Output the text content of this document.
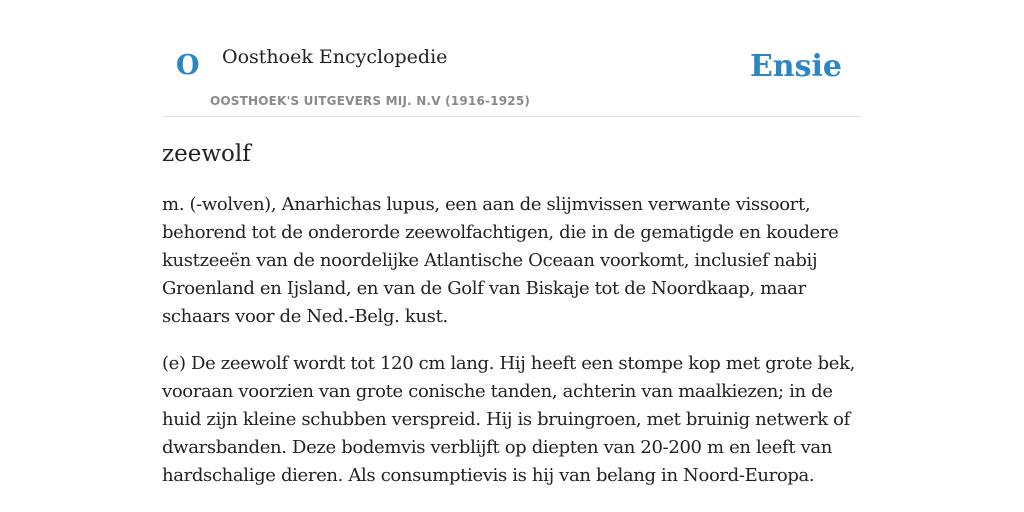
O Oosthoek Encyclopedie
OOSTHOEK'S UITGEVERS MIJ. N.V (1916-1925)
Ensie
zeewolf

m. (-wolven), Anarhichas lupus, een aan de slijmvissen verwante vissoort, behorend tot de onderorde zeewolfachtigen, die in de gematigde en koudere kustzeeën van de noordelijke Atlantische Oceaan voorkomt, inclusief nabij Groenland en Ijsland, en van de Golf van Biskaje tot de Noordkaap, maar schaars voor de Ned.-Belg. kust.

(e) De zeewolf wordt tot 120 cm lang. Hij heeft een stompe kop met grote bek, vooraan voorzien van grote conische tanden, achterin van maalkiezen; in de huid zijn kleine schubben verspreid. Hij is bruingroen, met bruinig netwerk of dwarsbanden. Deze bodemvis verblijft op diepten van 20-200 m en leeft van hardschalige dieren. Als consumptievis is hij van belang in Noord-Europa.
